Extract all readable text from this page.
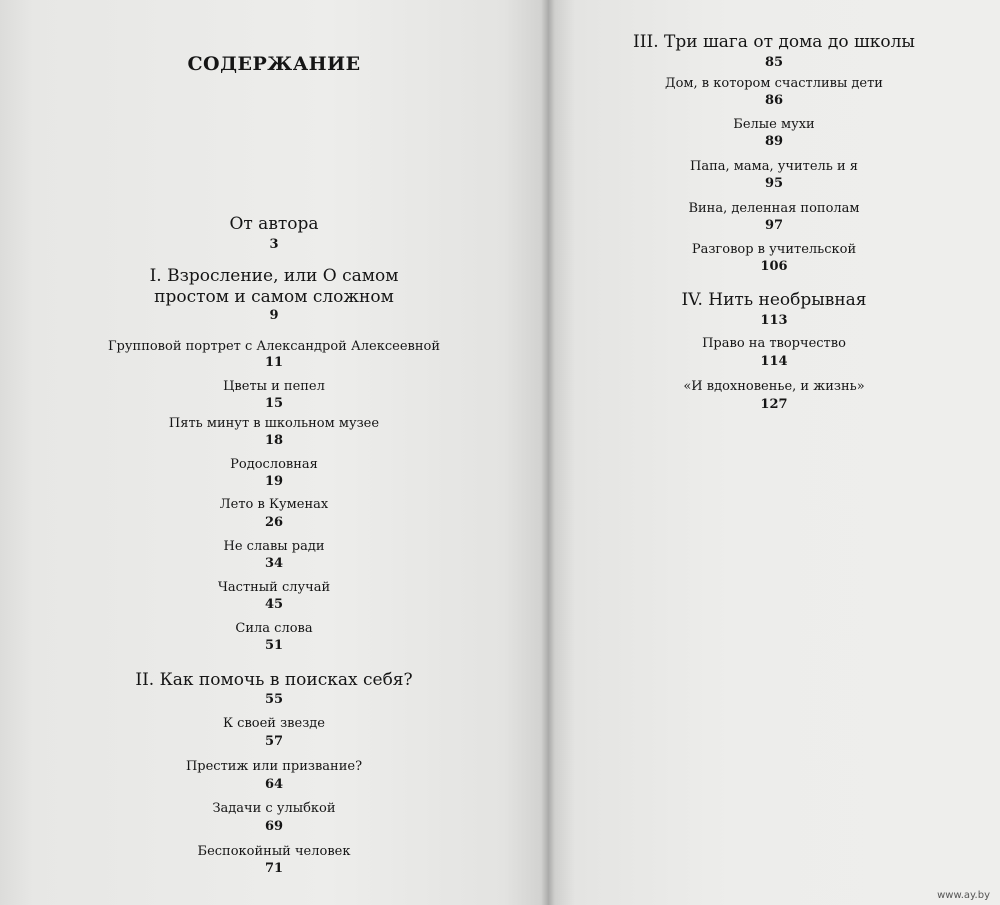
СОДЕРЖАНИЕ
От автора
3
I. Взросление, или О самом
простом и самом сложном
9
Групповой портрет с Александрой Алексеевной
11
Цветы и пепел
15
Пять минут в школьном музее
18
Родословная
19
Лето в Куменах
26
Не славы ради
34
Частный случай
45
Сила слова
51
II. Как помочь в поисках себя?
55
К своей звезде
57
Престиж или призвание?
64
Задачи с улыбкой
69
Беспокойный человек
71
III. Три шага от дома до школы
85
Дом, в котором счастливы дети
86
Белые мухи
89
Папа, мама, учитель и я
95
Вина, деленная пополам
97
Разговор в учительской
106
IV. Нить необрывная
113
Право на творчество
114
«И вдохновенье, и жизнь»
127
www.ay.by
